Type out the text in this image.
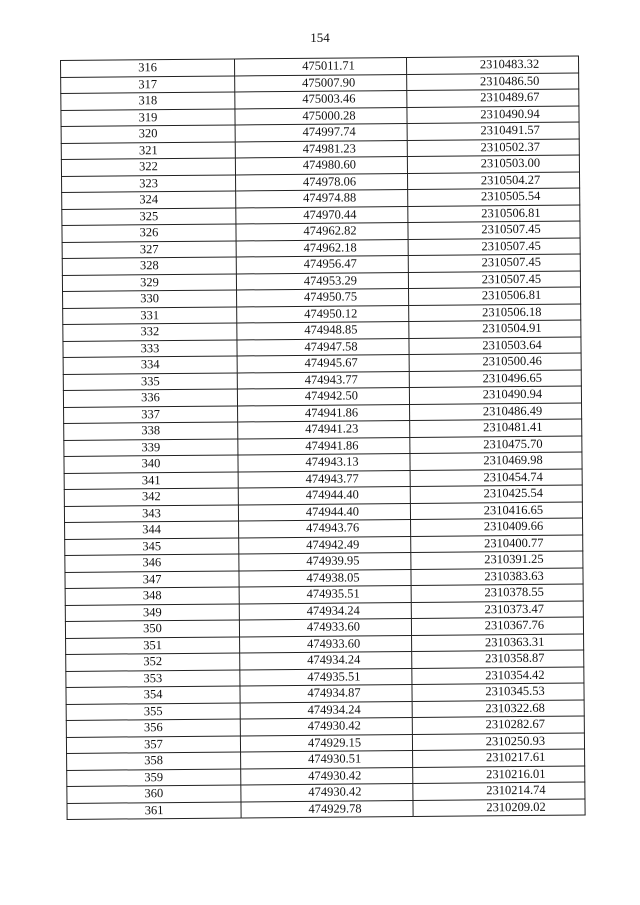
154
316	475011.71	2310483.32
317	475007.90	2310486.50
318	475003.46	2310489.67
319	475000.28	2310490.94
320	474997.74	2310491.57
321	474981.23	2310502.37
322	474980.60	2310503.00
323	474978.06	2310504.27
324	474974.88	2310505.54
325	474970.44	2310506.81
326	474962.82	2310507.45
327	474962.18	2310507.45
328	474956.47	2310507.45
329	474953.29	2310507.45
330	474950.75	2310506.81
331	474950.12	2310506.18
332	474948.85	2310504.91
333	474947.58	2310503.64
334	474945.67	2310500.46
335	474943.77	2310496.65
336	474942.50	2310490.94
337	474941.86	2310486.49
338	474941.23	2310481.41
339	474941.86	2310475.70
340	474943.13	2310469.98
341	474943.77	2310454.74
342	474944.40	2310425.54
343	474944.40	2310416.65
344	474943.76	2310409.66
345	474942.49	2310400.77
346	474939.95	2310391.25
347	474938.05	2310383.63
348	474935.51	2310378.55
349	474934.24	2310373.47
350	474933.60	2310367.76
351	474933.60	2310363.31
352	474934.24	2310358.87
353	474935.51	2310354.42
354	474934.87	2310345.53
355	474934.24	2310322.68
356	474930.42	2310282.67
357	474929.15	2310250.93
358	474930.51	2310217.61
359	474930.42	2310216.01
360	474930.42	2310214.74
361	474929.78	2310209.02
